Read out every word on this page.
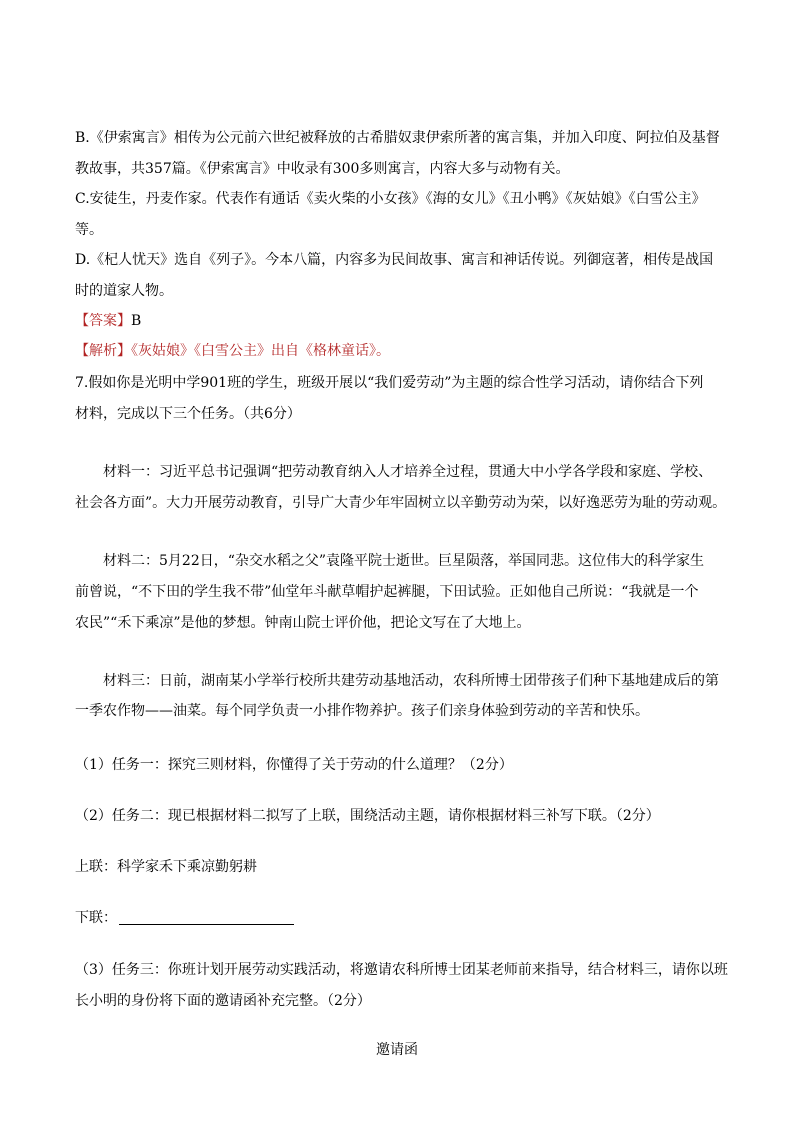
B.《伊索寓言》相传为公元前六世纪被释放的古希腊奴隶伊索所著的寓言集，并加入印度、阿拉伯及基督
教故事，共357篇。《伊索寓言》中收录有300多则寓言，内容大多与动物有关。
C.安徒生，丹麦作家。代表作有通话《卖火柴的小女孩》《海的女儿》《丑小鸭》《灰姑娘》《白雪公主》
等。
D.《杞人忧天》选自《列子》。今本八篇，内容多为民间故事、寓言和神话传说。列御寇著，相传是战国
时的道家人物。
【答案】B
【解析】《灰姑娘》《白雪公主》出自《格林童话》。
7.假如你是光明中学901班的学生，班级开展以“我们爱劳动”为主题的综合性学习活动，请你结合下列
材料，完成以下三个任务。（共6分）
材料一：习近平总书记强调“把劳动教育纳入人才培养全过程，贯通大中小学各学段和家庭、学校、
社会各方面”。大力开展劳动教育，引导广大青少年牢固树立以辛勤劳动为荣，以好逸恶劳为耻的劳动观。
材料二：5月22日，“杂交水稻之父”袁隆平院士逝世。巨星陨落，举国同悲。这位伟大的科学家生
前曾说，“不下田的学生我不带”仙堂年斗献草帽护起裤腿，下田试验。正如他自己所说：“我就是一个
农民”“禾下乘凉”是他的梦想。钟南山院士评价他，把论文写在了大地上。
材料三：日前，湖南某小学举行校所共建劳动基地活动，农科所博士团带孩子们种下基地建成后的第
一季农作物——油菜。每个同学负责一小排作物养护。孩子们亲身体验到劳动的辛苦和快乐。
（1）任务一：探究三则材料，你懂得了关于劳动的什么道理？（2分）
（2）任务二：现已根据材料二拟写了上联，围绕活动主题，请你根据材料三补写下联。（2分）
上联：科学家禾下乘凉勤躬耕
下联：
（3）任务三：你班计划开展劳动实践活动，将邀请农科所博士团某老师前来指导，结合材料三，请你以班
长小明的身份将下面的邀请函补充完整。（2分）
邀请函
